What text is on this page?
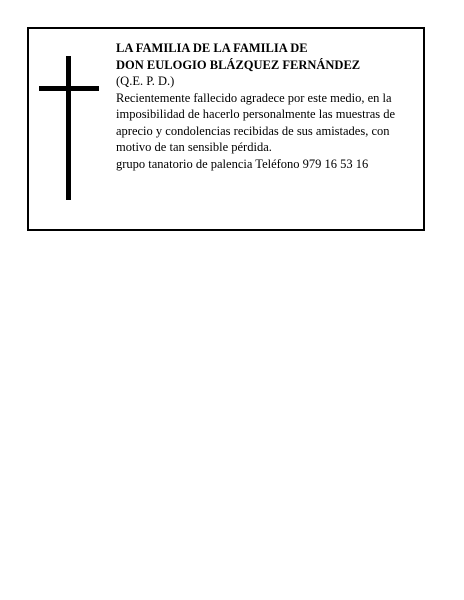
LA FAMILIA DE LA FAMILIA DE
DON EULOGIO BLÁZQUEZ FERNÁNDEZ
(Q.E. P. D.)
Recientemente fallecido agradece por este medio, en la imposibilidad de hacerlo personalmente las muestras de aprecio y condolencias recibidas de sus amistades, con motivo de tan sensible pérdida.
grupo tanatorio de palencia Teléfono 979 16 53 16
